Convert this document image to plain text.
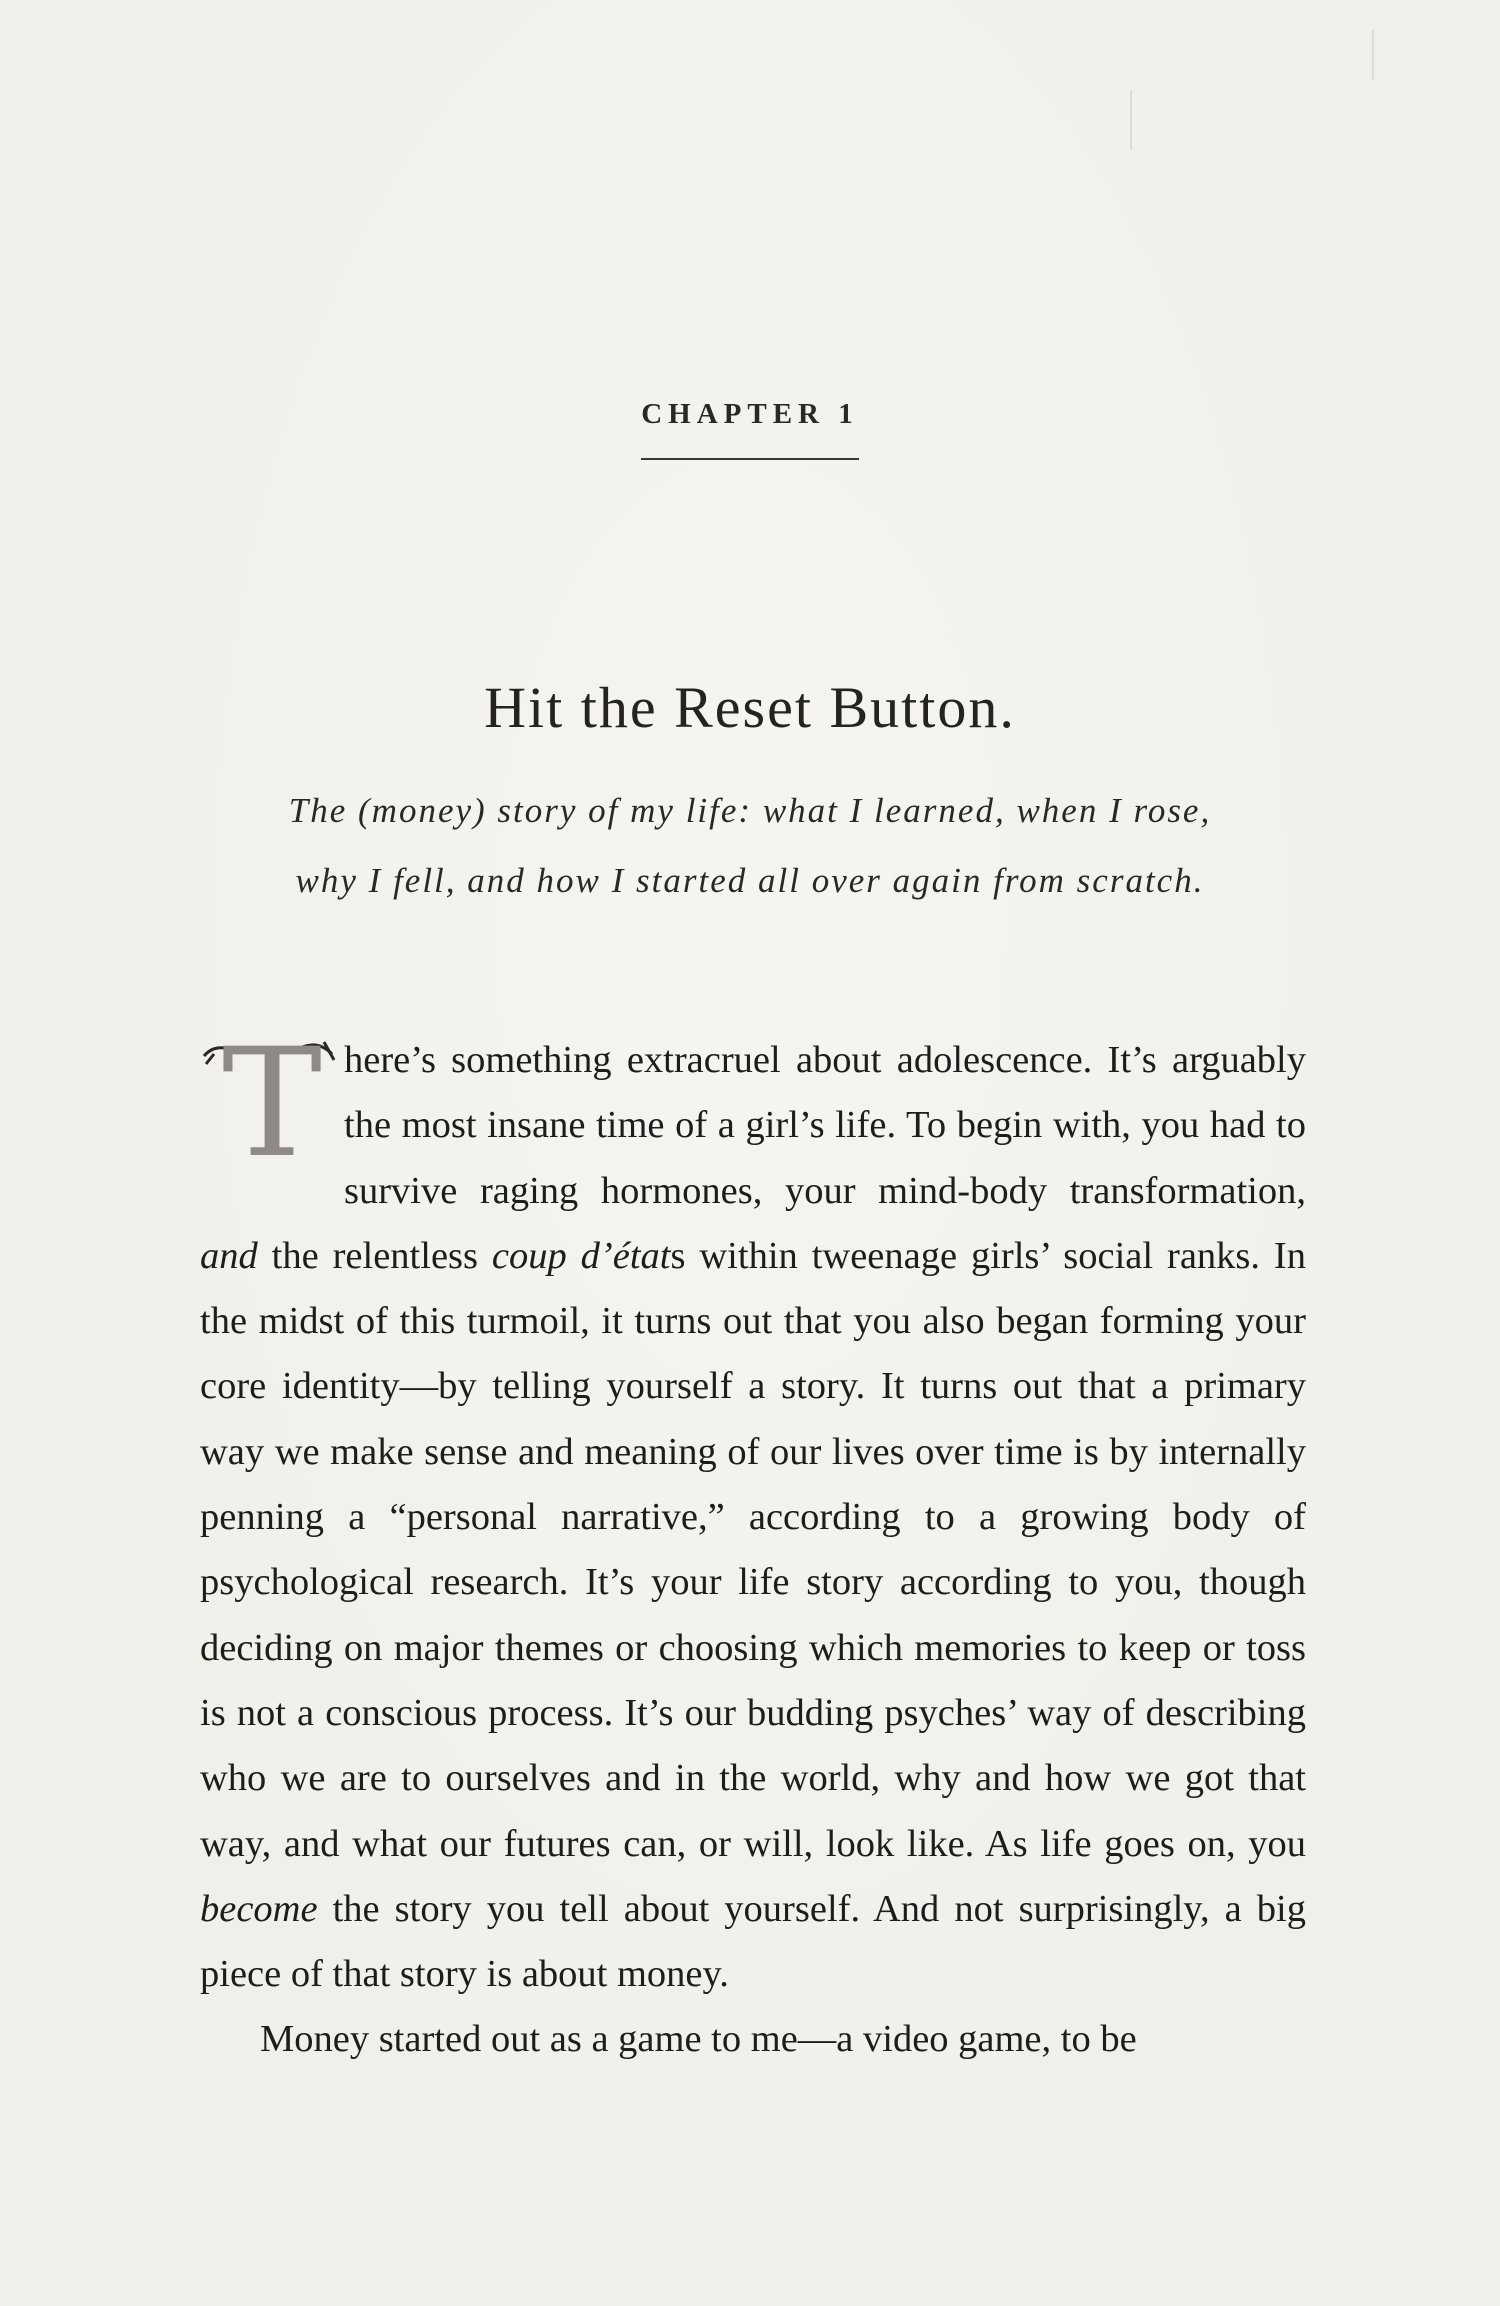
CHAPTER 1
Hit the Reset Button.
The (money) story of my life: what I learned, when I rose,
why I fell, and how I started all over again from scratch.

T here’s something extracruel about adolescence. It’s arguably the most insane time of a girl’s life. To begin with, you had to survive raging hormones, your mind-body transformation, and the relentless coup d’états within tweenage girls’ social ranks. In the midst of this turmoil, it turns out that you also began forming your core identity—by telling yourself a story. It turns out that a primary way we make sense and meaning of our lives over time is by internally penning a “personal narrative,” according to a growing body of psychological research. It’s your life story according to you, though deciding on major themes or choosing which memories to keep or toss is not a conscious process. It’s our budding psyches’ way of describing who we are to ourselves and in the world, why and how we got that way, and what our futures can, or will, look like. As life goes on, you become the story you tell about yourself. And not surprisingly, a big piece of that story is about money.

Money started out as a game to me—a video game, to be
